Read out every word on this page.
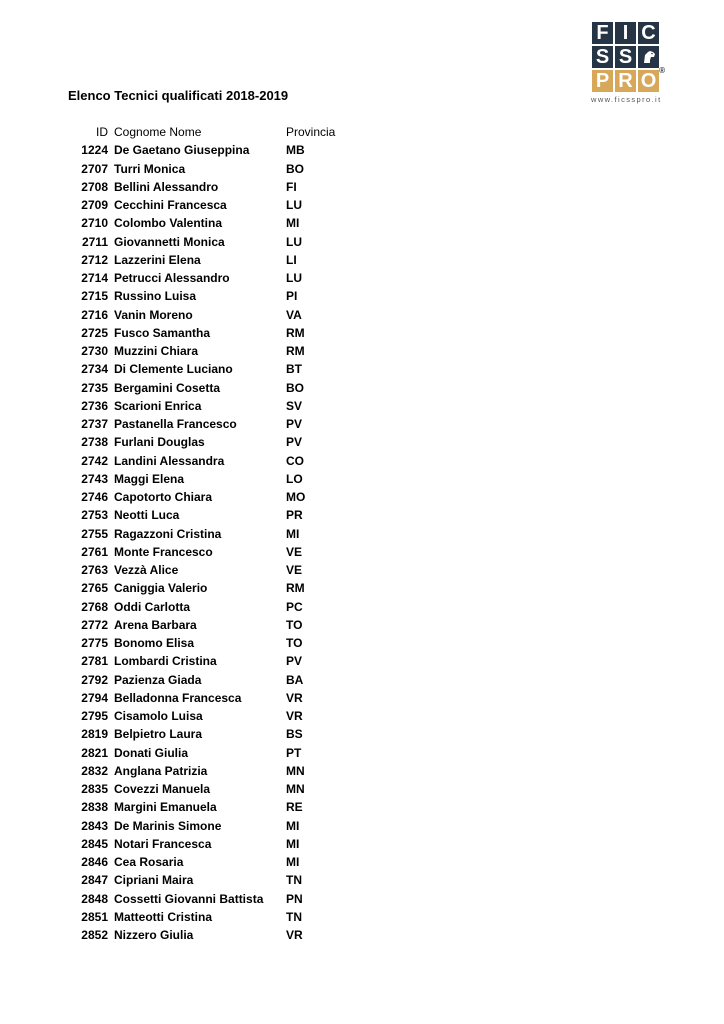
F I C
S S
P R O ®
www.ficsspro.it
Elenco Tecnici qualificati 2018-2019
ID	Cognome Nome	Provincia
1224	De Gaetano Giuseppina	MB
2707	Turri Monica	BO
2708	Bellini Alessandro	FI
2709	Cecchini Francesca	LU
2710	Colombo Valentina	MI
2711	Giovannetti Monica	LU
2712	Lazzerini Elena	LI
2714	Petrucci Alessandro	LU
2715	Russino Luisa	PI
2716	Vanin Moreno	VA
2725	Fusco Samantha	RM
2730	Muzzini Chiara	RM
2734	Di Clemente Luciano	BT
2735	Bergamini Cosetta	BO
2736	Scarioni Enrica	SV
2737	Pastanella Francesco	PV
2738	Furlani Douglas	PV
2742	Landini Alessandra	CO
2743	Maggi Elena	LO
2746	Capotorto Chiara	MO
2753	Neotti Luca	PR
2755	Ragazzoni Cristina	MI
2761	Monte Francesco	VE
2763	Vezzà Alice	VE
2765	Caniggia Valerio	RM
2768	Oddi Carlotta	PC
2772	Arena Barbara	TO
2775	Bonomo Elisa	TO
2781	Lombardi Cristina	PV
2792	Pazienza Giada	BA
2794	Belladonna Francesca	VR
2795	Cisamolo Luisa	VR
2819	Belpietro Laura	BS
2821	Donati Giulia	PT
2832	Anglana Patrizia	MN
2835	Covezzi Manuela	MN
2838	Margini Emanuela	RE
2843	De Marinis Simone	MI
2845	Notari Francesca	MI
2846	Cea Rosaria	MI
2847	Cipriani Maira	TN
2848	Cossetti Giovanni Battista	PN
2851	Matteotti Cristina	TN
2852	Nizzero Giulia	VR
